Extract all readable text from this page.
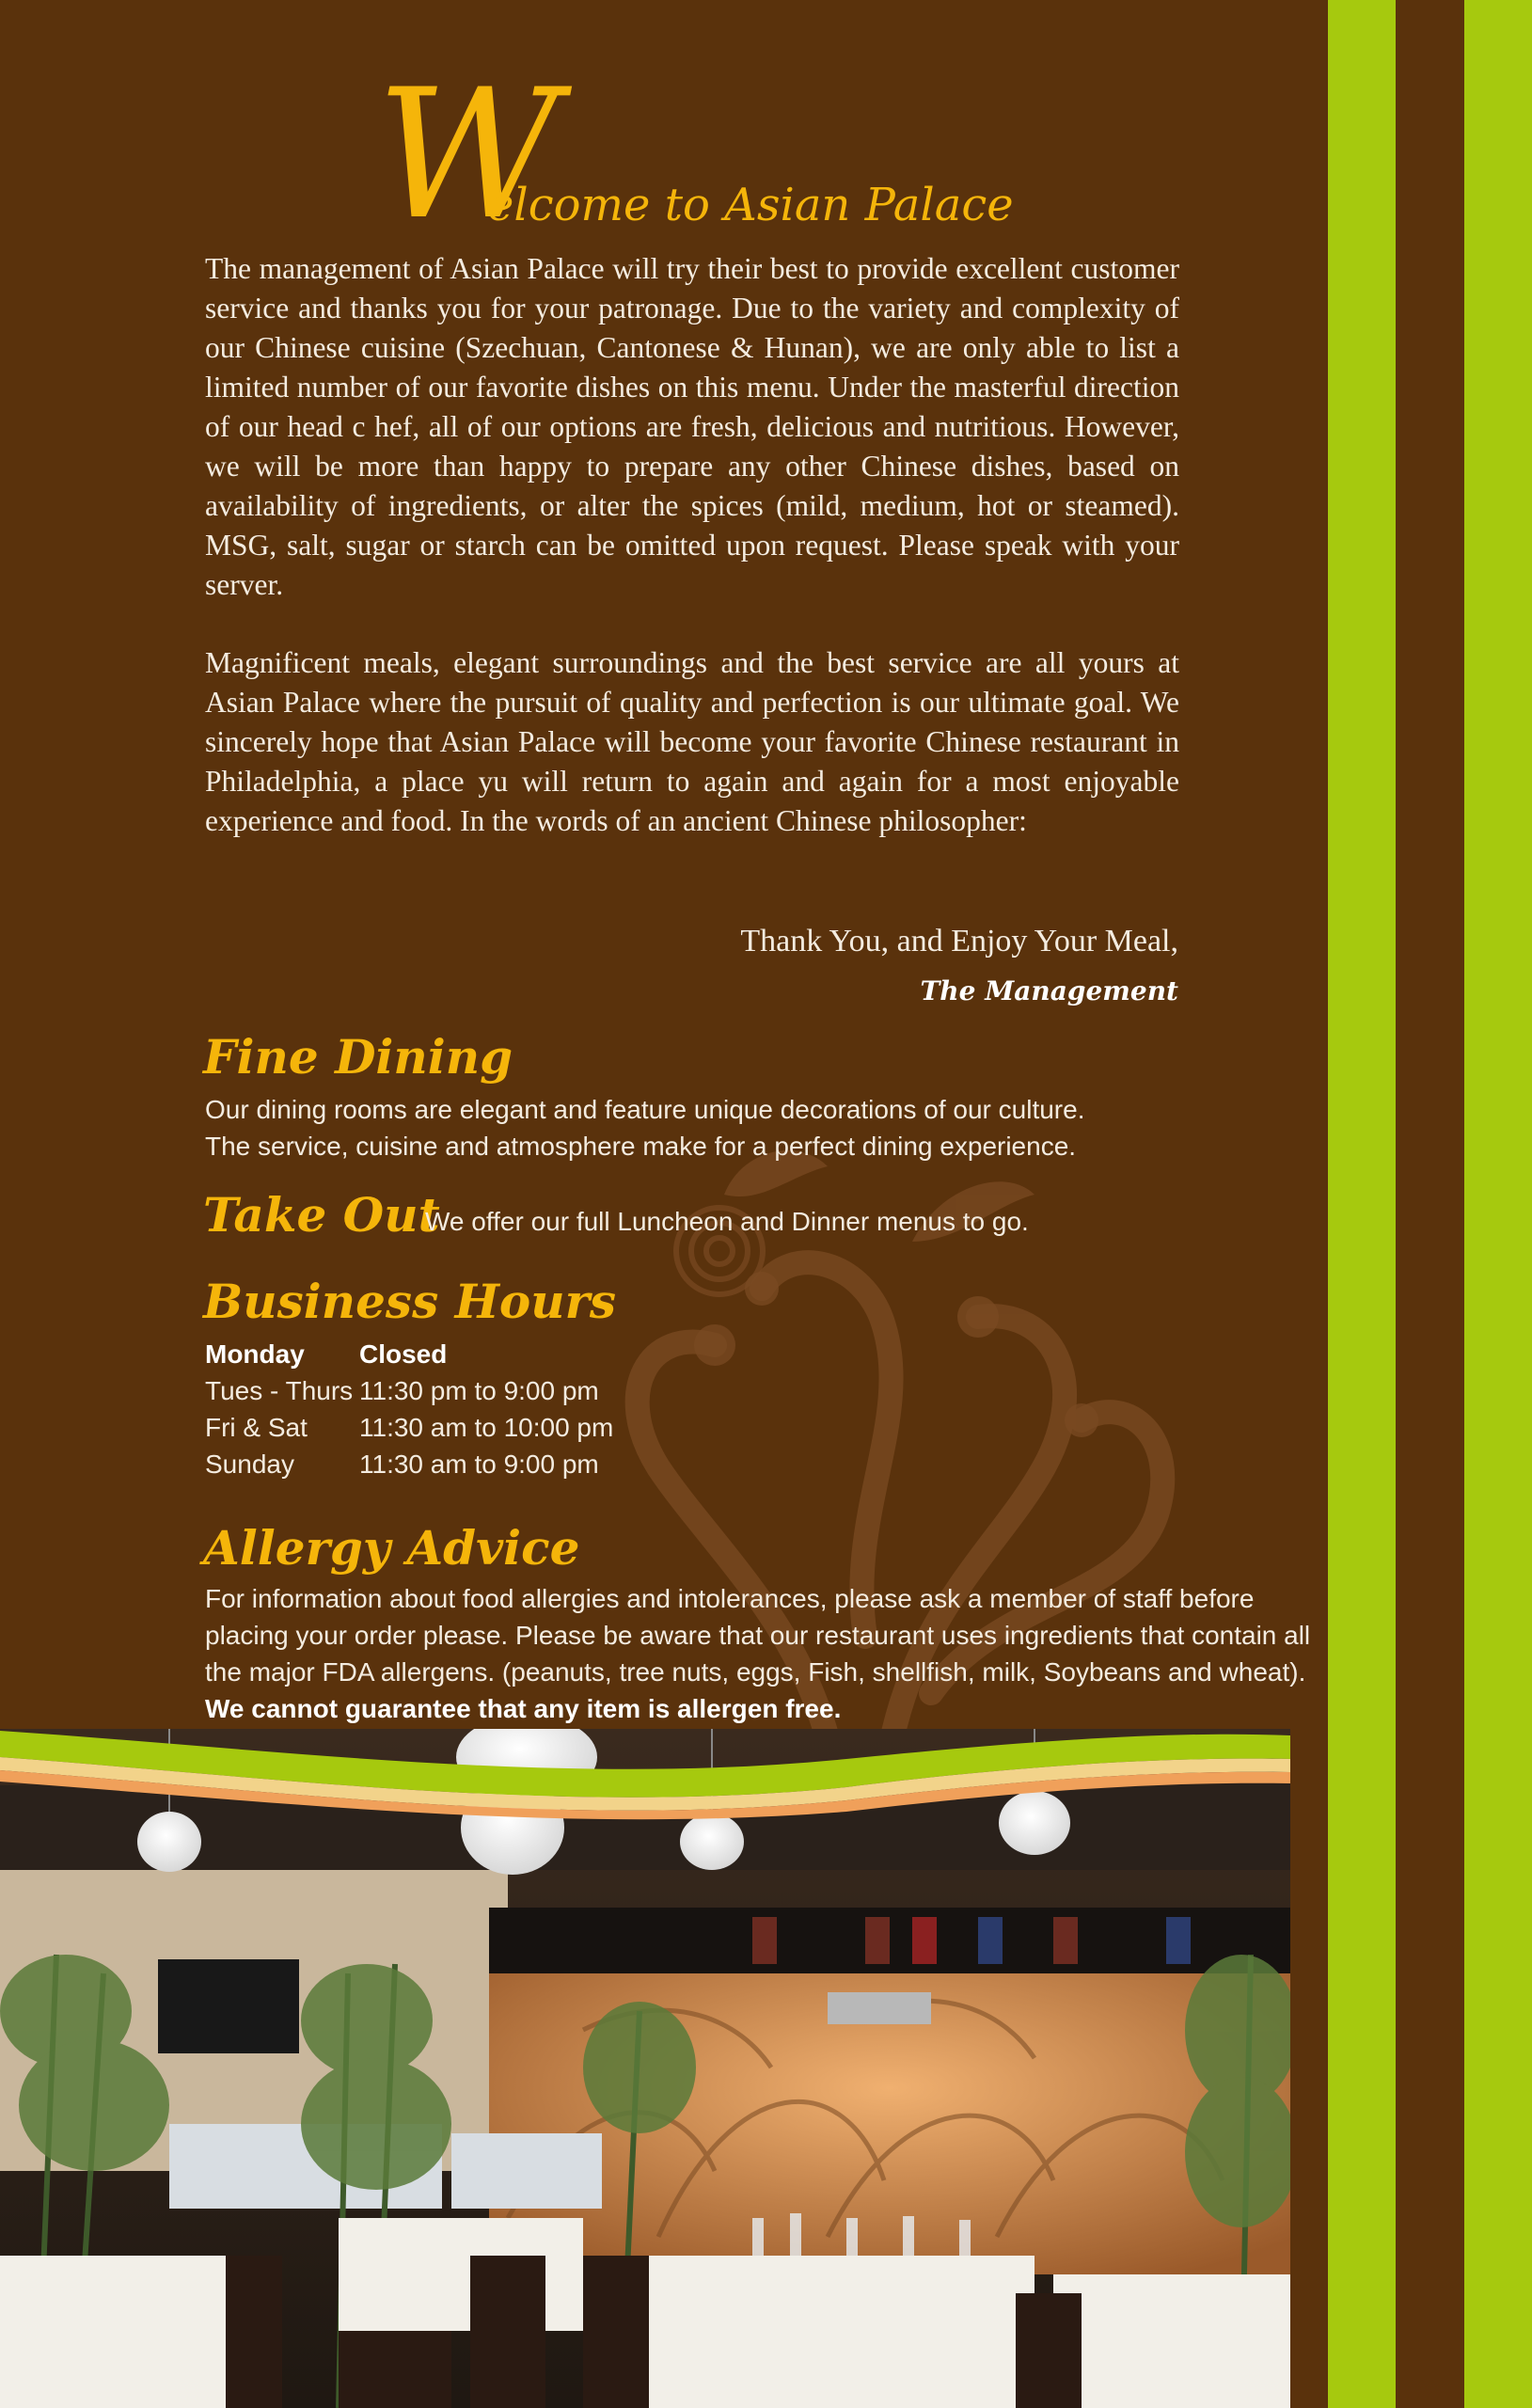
W
elcome to Asian Palace

The management of Asian Palace will try their best to provide excellent customer service and thanks you for your patronage. Due to the variety and complexity of our Chinese cuisine (Szechuan, Cantonese & Hunan), we are only able to list a limited number of our favorite dishes on this menu. Under the masterful direction of our head c hef, all of our options are fresh, delicious and nutritious. However, we will be more than happy to prepare any other Chinese dishes, based on availability of ingredients, or alter the spices (mild, medium, hot or steamed). MSG, salt, sugar or starch can be omitted upon request. Please speak with your server.

Magnificent meals, elegant surroundings and the best service are all yours at Asian Palace where the pursuit of quality and perfection is our ultimate goal. We sincerely hope that Asian Palace will become your favorite Chinese restaurant in Philadelphia, a place yu will return to again and again for a most enjoyable experience and food. In the words of an ancient Chinese philosopher:

Thank You, and Enjoy Your Meal,
The Management
Fine Dining
Our dining rooms are elegant and feature unique decorations of our culture.
The service, cuisine and atmosphere make for a perfect dining experience.
Take Out
We offer our full Luncheon and Dinner menus to go.
Business Hours
Monday Closed
Tues - Thurs 11:30 pm to 9:00 pm
Fri & Sat 11:30 am to 10:00 pm
Sunday 11:30 am to 9:00 pm
Allergy Advice
For information about food allergies and intolerances, please ask a member of staff before
placing your order please. Please be aware that our restaurant uses ingredients that contain all
the major FDA allergens. (peanuts, tree nuts, eggs, Fish, shellfish, milk, Soybeans and wheat).
We cannot guarantee that any item is allergen free.
